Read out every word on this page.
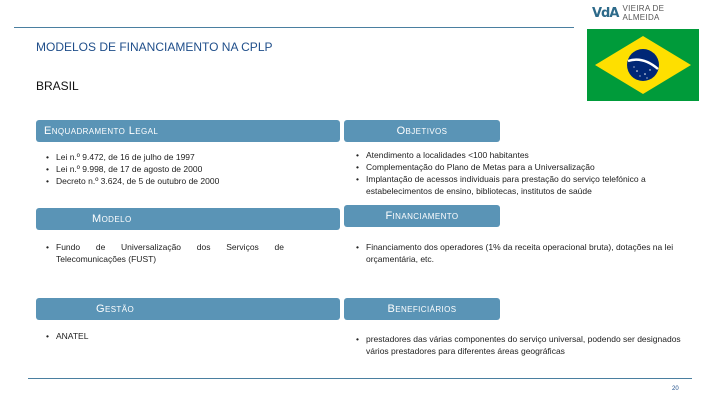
VdA VIEIRA DE ALMEIDA
MODELOS DE FINANCIAMENTO NA CPLP
BRASIL
Enquadramento Legal
• Lei n.º 9.472, de 16 de julho de 1997
• Lei n.º 9.998, de 17 de agosto de 2000
• Decreto n.º 3.624, de 5 de outubro de 2000
Objetivos
• Atendimento a localidades <100 habitantes
• Complementação do Plano de Metas para a Universalização
• Implantação de acessos individuais para prestação do serviço telefónico a estabelecimentos de ensino, bibliotecas, institutos de saúde
Modelo
• Fundo de Universalização dos Serviços de Telecomunicações (FUST)
Financiamento
• Financiamento dos operadores (1% da receita operacional bruta), dotações na lei orçamentária, etc.
Gestão
• ANATEL
Beneficiários
• prestadores das várias componentes do serviço universal, podendo ser designados vários prestadores para diferentes áreas geográficas
20
